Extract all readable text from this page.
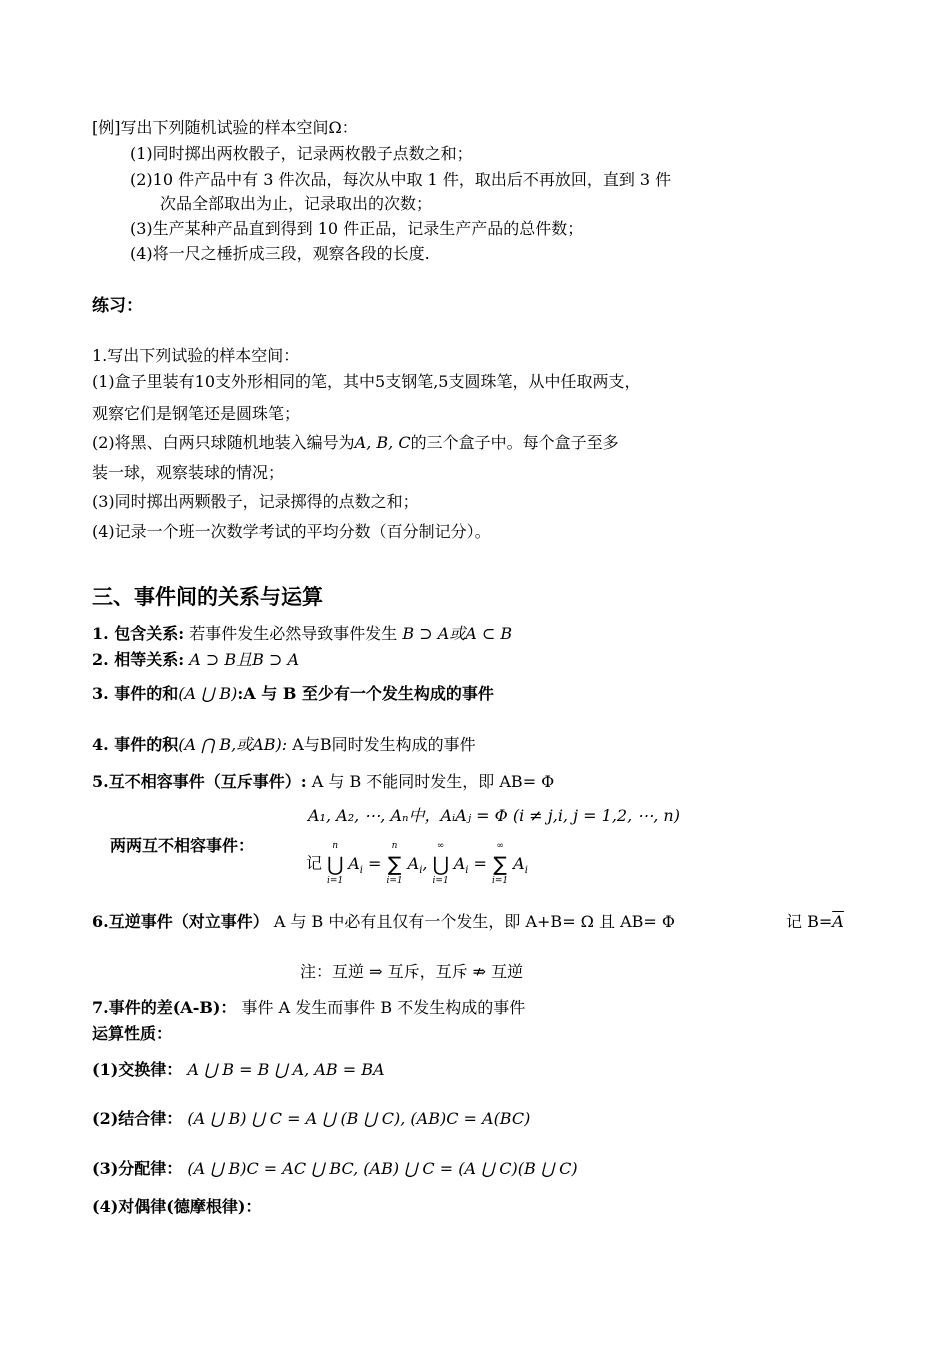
[例]写出下列随机试验的样本空间Ω：
(1)同时掷出两枚骰子，记录两枚骰子点数之和；
(2)10 件产品中有 3 件次品，每次从中取 1 件，取出后不再放回，直到 3 件
次品全部取出为止，记录取出的次数；
(3)生产某种产品直到得到 10 件正品，记录生产产品的总件数；
(4)将一尺之棰折成三段，观察各段的长度.
练习：
1.写出下列试验的样本空间：
(1)盒子里装有10支外形相同的笔，其中5支钢笔,5支圆珠笔，从中任取两支，
观察它们是钢笔还是圆珠笔；
(2)将黑、白两只球随机地装入编号为A, B, C的三个盒子中。每个盒子至多
装一球，观察装球的情况；
(3)同时掷出两颗骰子，记录掷得的点数之和；
(4)记录一个班一次数学考试的平均分数（百分制记分）。
三、事件间的关系与运算
1. 包含关系: 若事件发生必然导致事件发生 B ⊃ A或A ⊂ B
2. 相等关系: A ⊃ B且B ⊃ A
3. 事件的和(A ⋃ B):A 与 B 至少有一个发生构成的事件
4. 事件的积(A ⋂ B,或AB): A与B同时发生构成的事件
5.互不相容事件（互斥事件）: A 与 B 不能同时发生，即 AB= Φ
A₁, A₂, ⋯, Aₙ中，AᵢAⱼ = Φ (i ≠ j,i, j = 1,2, ⋯, n)
两两互不相容事件：
记
n
⋃
i=1
$A_i$ =
n
∑
i=1
$A_i$,
∞
⋃
i=1
$A_i$ =
∞
∑
i=1
$A_i$
6.互逆事件（对立事件） A 与 B 中必有且仅有一个发生，即 A+B= Ω 且 AB= Φ	记 $B=\overline{A}$
注：互逆 ⇒ 互斥，互斥 ⇏ 互逆
7.事件的差(A-B)： 事件 A 发生而事件 B 不发生构成的事件
运算性质：
(1)交换律： A ⋃ B = B ⋃ A, AB = BA
(2)结合律： (A ⋃ B) ⋃ C = A ⋃ (B ⋃ C), (AB)C = A(BC)
(3)分配律： (A ⋃ B)C = AC ⋃ BC, (AB) ⋃ C = (A ⋃ C)(B ⋃ C)
(4)对偶律(德摩根律)：
